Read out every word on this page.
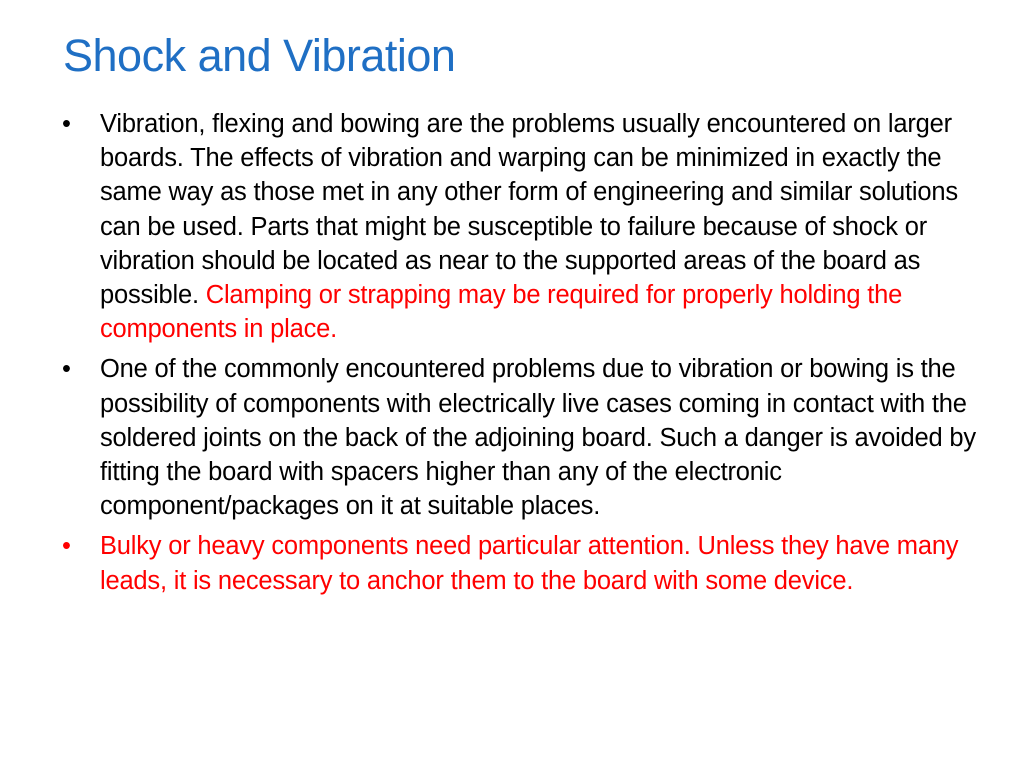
Shock and Vibration
•	Vibration, flexing and bowing are the problems usually encountered on larger boards. The effects of vibration and warping can be minimized in exactly the same way as those met in any other form of engineering and similar solutions can be used. Parts that might be susceptible to failure because of shock or vibration should be located as near to the supported areas of the board as possible. Clamping or strapping may be required for properly holding the components in place.
•	One of the commonly encountered problems due to vibration or bowing is the possibility of components with electrically live cases coming in contact with the soldered joints on the back of the adjoining board. Such a danger is avoided by fitting the board with spacers higher than any of the electronic component/packages on it at suitable places.
•	Bulky or heavy components need particular attention. Unless they have many leads, it is necessary to anchor them to the board with some device.
